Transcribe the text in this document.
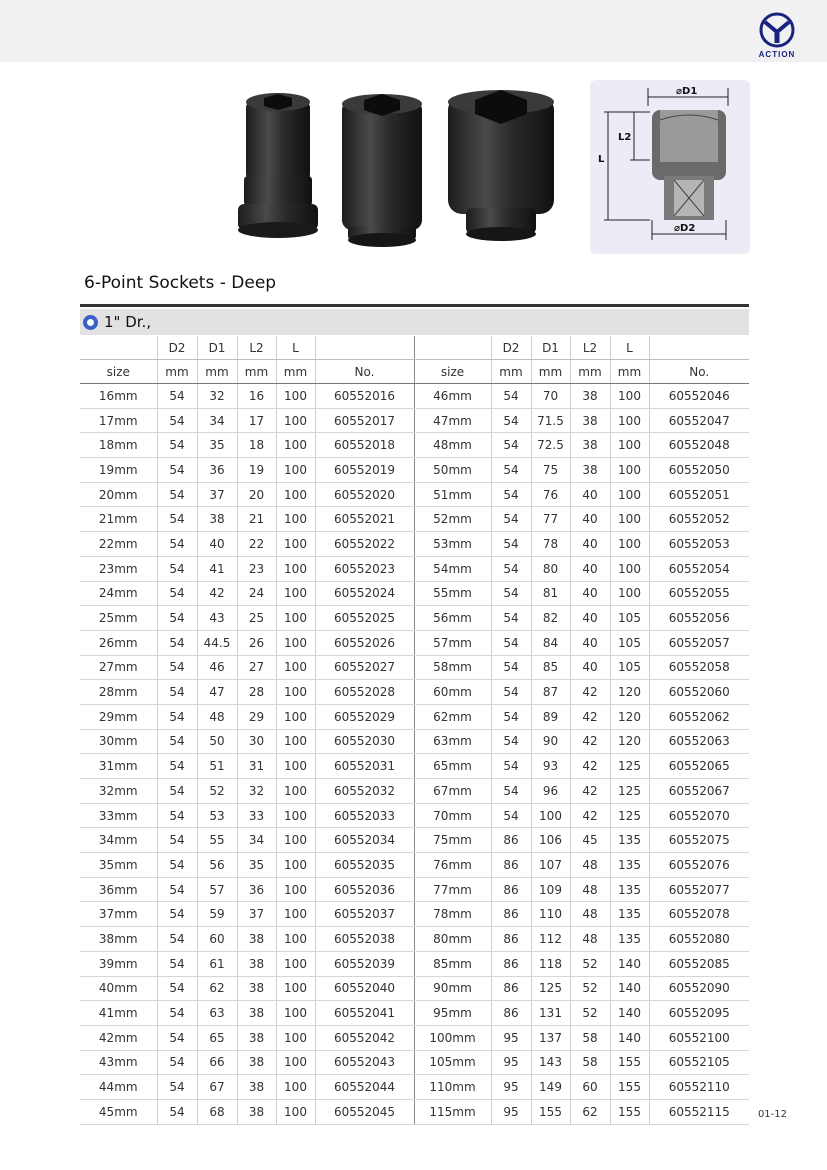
ACTION
⌀D1
L
L2
⌀D2
6-Point Sockets - Deep
1" Dr.,
	D2	D1	L2	L			D2	D1	L2	L	
size	mm	mm	mm	mm	No.	size	mm	mm	mm	mm	No.
16mm	54	32	16	100	60552016	46mm	54	70	38	100	60552046
17mm	54	34	17	100	60552017	47mm	54	71.5	38	100	60552047
18mm	54	35	18	100	60552018	48mm	54	72.5	38	100	60552048
19mm	54	36	19	100	60552019	50mm	54	75	38	100	60552050
20mm	54	37	20	100	60552020	51mm	54	76	40	100	60552051
21mm	54	38	21	100	60552021	52mm	54	77	40	100	60552052
22mm	54	40	22	100	60552022	53mm	54	78	40	100	60552053
23mm	54	41	23	100	60552023	54mm	54	80	40	100	60552054
24mm	54	42	24	100	60552024	55mm	54	81	40	100	60552055
25mm	54	43	25	100	60552025	56mm	54	82	40	105	60552056
26mm	54	44.5	26	100	60552026	57mm	54	84	40	105	60552057
27mm	54	46	27	100	60552027	58mm	54	85	40	105	60552058
28mm	54	47	28	100	60552028	60mm	54	87	42	120	60552060
29mm	54	48	29	100	60552029	62mm	54	89	42	120	60552062
30mm	54	50	30	100	60552030	63mm	54	90	42	120	60552063
31mm	54	51	31	100	60552031	65mm	54	93	42	125	60552065
32mm	54	52	32	100	60552032	67mm	54	96	42	125	60552067
33mm	54	53	33	100	60552033	70mm	54	100	42	125	60552070
34mm	54	55	34	100	60552034	75mm	86	106	45	135	60552075
35mm	54	56	35	100	60552035	76mm	86	107	48	135	60552076
36mm	54	57	36	100	60552036	77mm	86	109	48	135	60552077
37mm	54	59	37	100	60552037	78mm	86	110	48	135	60552078
38mm	54	60	38	100	60552038	80mm	86	112	48	135	60552080
39mm	54	61	38	100	60552039	85mm	86	118	52	140	60552085
40mm	54	62	38	100	60552040	90mm	86	125	52	140	60552090
41mm	54	63	38	100	60552041	95mm	86	131	52	140	60552095
42mm	54	65	38	100	60552042	100mm	95	137	58	140	60552100
43mm	54	66	38	100	60552043	105mm	95	143	58	155	60552105
44mm	54	67	38	100	60552044	110mm	95	149	60	155	60552110
45mm	54	68	38	100	60552045	115mm	95	155	62	155	60552115	01-12
